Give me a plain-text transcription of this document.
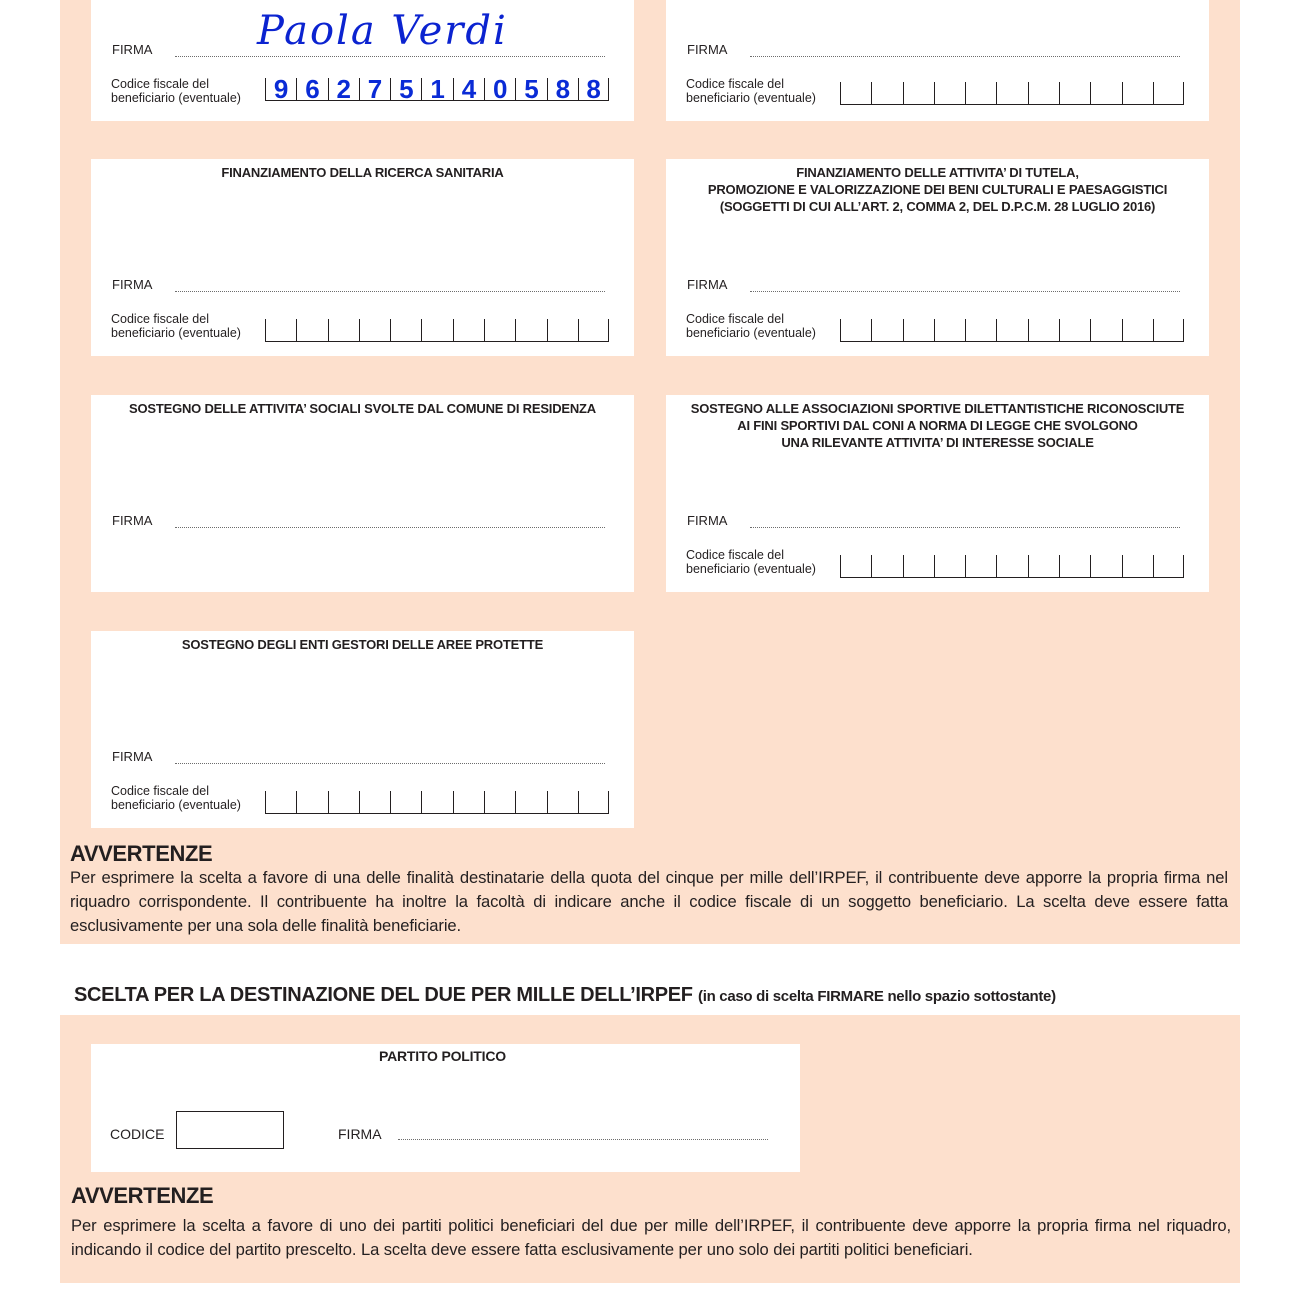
FIRMA	Paola Verdi
Codice fiscale del
beneficiario (eventuale)	9 6 2 7 5 1 4 0 5 8 8
FIRMA
Codice fiscale del
beneficiario (eventuale)
FINANZIAMENTO DELLA RICERCA SANITARIA
FIRMA
Codice fiscale del
beneficiario (eventuale)
FINANZIAMENTO DELLE ATTIVITA’ DI TUTELA,
PROMOZIONE E VALORIZZAZIONE DEI BENI CULTURALI E PAESAGGISTICI
(SOGGETTI DI CUI ALL’ART. 2, COMMA 2, DEL D.P.C.M. 28 LUGLIO 2016)
FIRMA
Codice fiscale del
beneficiario (eventuale)
SOSTEGNO DELLE ATTIVITA’ SOCIALI SVOLTE DAL COMUNE DI RESIDENZA
FIRMA
SOSTEGNO ALLE ASSOCIAZIONI SPORTIVE DILETTANTISTICHE RICONOSCIUTE
AI FINI SPORTIVI DAL CONI A NORMA DI LEGGE CHE SVOLGONO
UNA RILEVANTE ATTIVITA’ DI INTERESSE SOCIALE
FIRMA
Codice fiscale del
beneficiario (eventuale)
SOSTEGNO DEGLI ENTI GESTORI DELLE AREE PROTETTE
FIRMA
Codice fiscale del
beneficiario (eventuale)
AVVERTENZE
Per esprimere la scelta a favore di una delle finalità destinatarie della quota del cinque per mille dell’IRPEF, il contribuente deve apporre la propria firma nel riquadro corrispondente. Il contribuente ha inoltre la facoltà di indicare anche il codice fiscale di un soggetto beneficiario. La scelta deve essere fatta esclusivamente per una sola delle finalità beneficiarie.
SCELTA PER LA DESTINAZIONE DEL DUE PER MILLE DELL’IRPEF (in caso di scelta FIRMARE nello spazio sottostante)
PARTITO POLITICO
CODICE	FIRMA
AVVERTENZE
Per esprimere la scelta a favore di uno dei partiti politici beneficiari del due per mille dell’IRPEF, il contribuente deve apporre la propria firma nel riquadro, indicando il codice del partito prescelto. La scelta deve essere fatta esclusivamente per uno solo dei partiti politici beneficiari.
